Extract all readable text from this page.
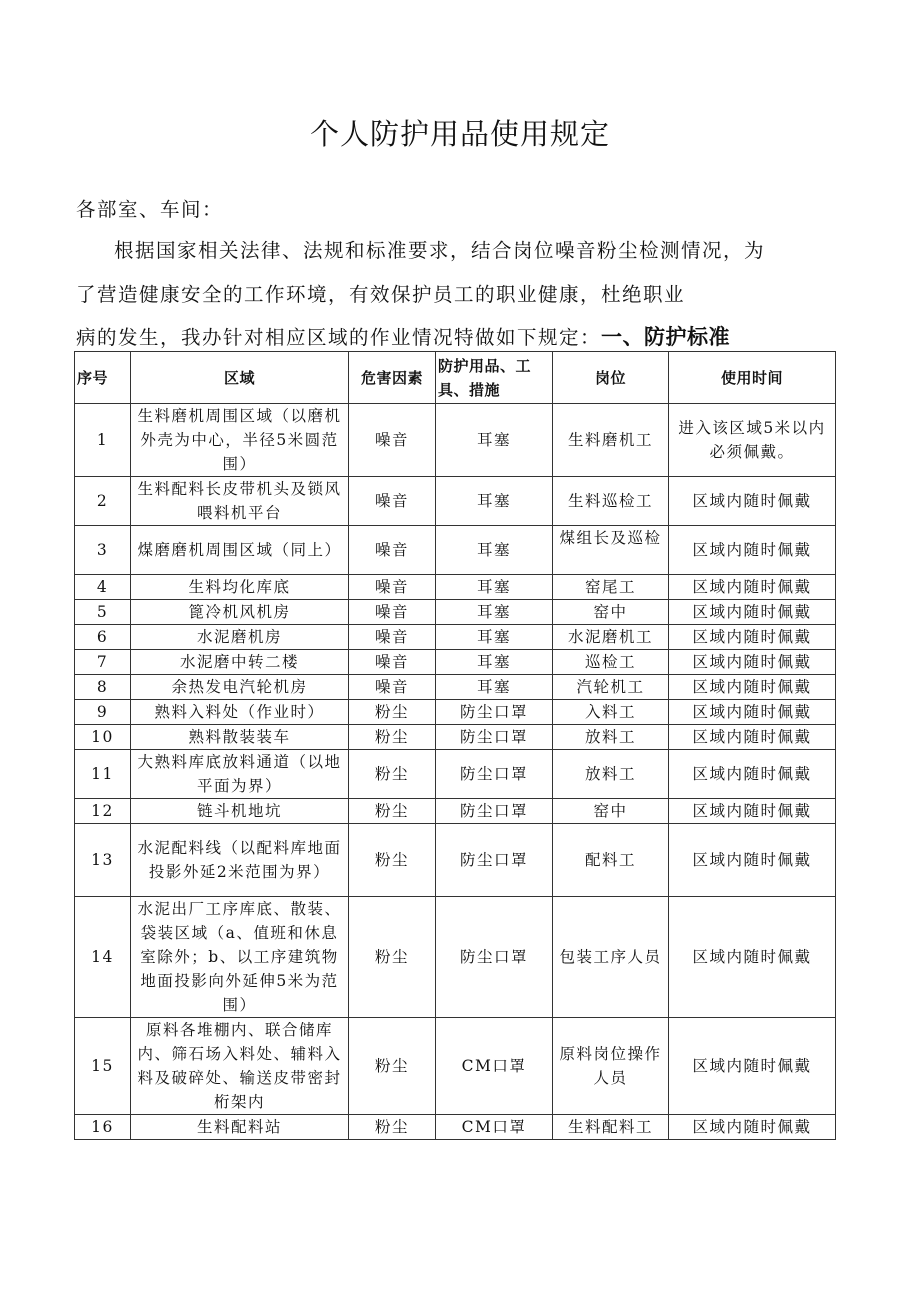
个人防护用品使用规定
各部室、车间：
根据国家相关法律、法规和标准要求，结合岗位噪音粉尘检测情况，为
了营造健康安全的工作环境，有效保护员工的职业健康，杜绝职业
病的发生，我办针对相应区域的作业情况特做如下规定：一、防护标准
序号	区域	危害因素	防护用品、工具、措施	岗位	使用时间
1	生料磨机周围区域（以磨机外壳为中心，半径5米圆范围）	噪音	耳塞	生料磨机工	进入该区域5米以内必须佩戴。
2	生料配料长皮带机头及锁风喂料机平台	噪音	耳塞	生料巡检工	区域内随时佩戴
3	煤磨磨机周围区域（同上）	噪音	耳塞	煤组长及巡检	区域内随时佩戴
4	生料均化库底	噪音	耳塞	窑尾工	区域内随时佩戴
5	篦冷机风机房	噪音	耳塞	窑中	区域内随时佩戴
6	水泥磨机房	噪音	耳塞	水泥磨机工	区域内随时佩戴
7	水泥磨中转二楼	噪音	耳塞	巡检工	区域内随时佩戴
8	余热发电汽轮机房	噪音	耳塞	汽轮机工	区域内随时佩戴
9	熟料入料处（作业时）	粉尘	防尘口罩	入料工	区域内随时佩戴
10	熟料散装装车	粉尘	防尘口罩	放料工	区域内随时佩戴
11	大熟料库底放料通道（以地平面为界）	粉尘	防尘口罩	放料工	区域内随时佩戴
12	链斗机地坑	粉尘	防尘口罩	窑中	区域内随时佩戴
13	水泥配料线（以配料库地面投影外延2米范围为界）	粉尘	防尘口罩	配料工	区域内随时佩戴
14	水泥出厂工序库底、散装、袋装区域（a、值班和休息室除外；b、以工序建筑物地面投影向外延伸5米为范围）	粉尘	防尘口罩	包装工序人员	区域内随时佩戴
15	原料各堆棚内、联合储库内、筛石场入料处、辅料入料及破碎处、输送皮带密封桁架内	粉尘	CM口罩	原料岗位操作人员	区域内随时佩戴
16	生料配料站	粉尘	CM口罩	生料配料工	区域内随时佩戴
